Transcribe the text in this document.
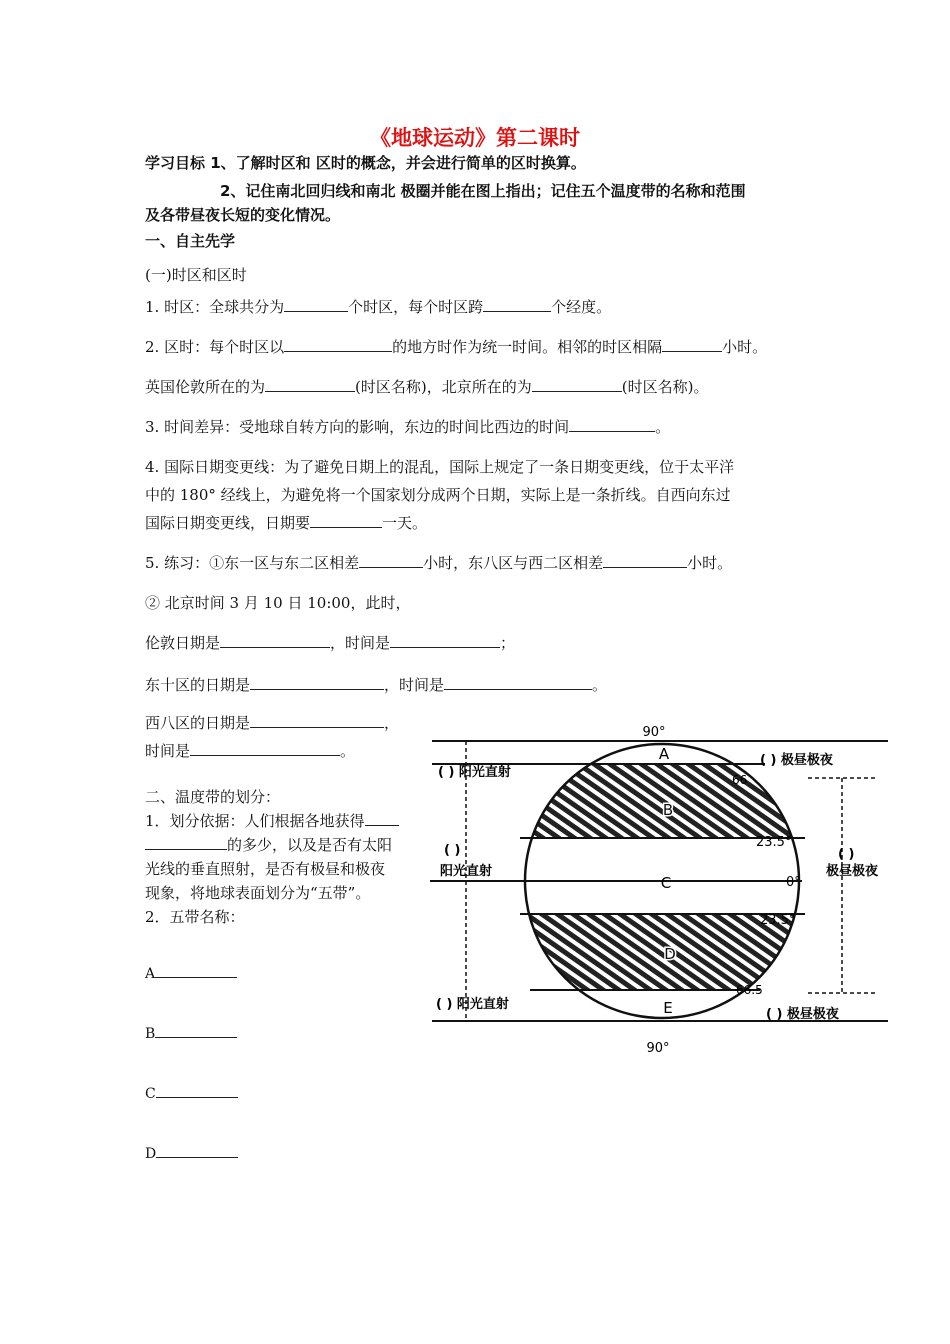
《地球运动》第二课时
学习目标 1、了解时区和 区时的概念，并会进行简单的区时换算。
2、记住南北回归线和南北 极圈并能在图上指出；记住五个温度带的名称和范围
及各带昼夜长短的变化情况。
一、自主先学
(一)时区和区时
1. 时区：全球共分为	个时区，每个时区跨	个经度。
2. 区时：每个时区以	的地方时作为统一时间。相邻的时区相隔	小时。
英国伦敦所在的为	(时区名称)，北京所在的为	(时区名称)。
3. 时间差异：受地球自转方向的影响，东边的时间比西边的时间	。
4. 国际日期变更线：为了避免日期上的混乱，国际上规定了一条日期变更线，位于太平洋
中的 180° 经线上，为避免将一个国家划分成两个日期，实际上是一条折线。自西向东过
国际日期变更线，日期要	一天。
5. 练习：①东一区与东二区相差	小时，东八区与西二区相差	小时。
② 北京时间 3 月 10 日 10:00，此时，
伦敦日期是	，时间是	；
东十区的日期是	，时间是	。
西八区的日期是	，
时间是	。
二、温度带的划分：
1．划分依据：人们根据各地获得
的多少，以及是否有太阳
光线的垂直照射，是否有极昼和极夜
现象，将地球表面划分为“五带”。
2．五带名称：
A
B
C
D
90°
90°
66
23.5°
0°
23.5°
66.5
A
B
C
D
E
( ) 阳光直射
( )
阳光直射
( ) 阳光直射
( ) 极昼极夜
( )
极昼极夜
( ) 极昼极夜
